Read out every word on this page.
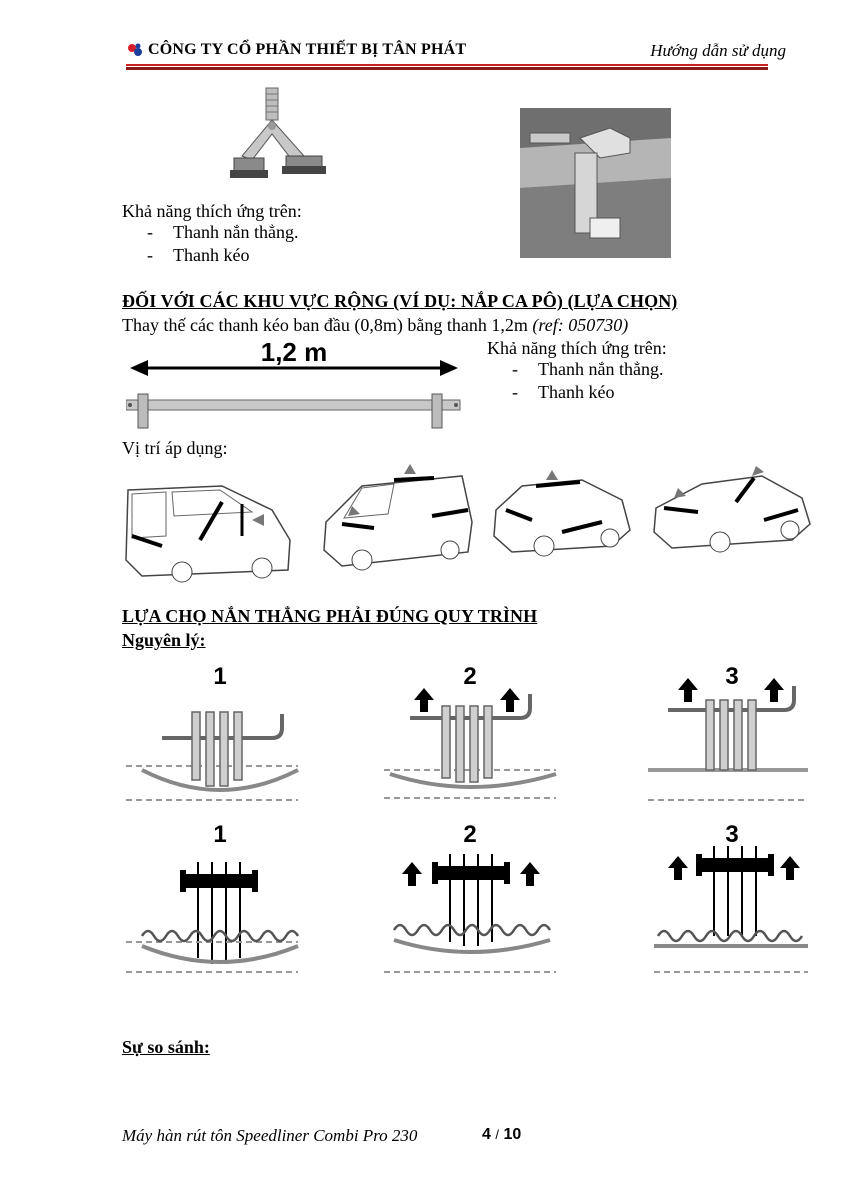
CÔNG TY CỔ PHẦN THIẾT BỊ TÂN PHÁT	Hướng dẫn sử dụng
Khả năng thích ứng trên:
- Thanh nắn thẳng.
- Thanh kéo
ĐỐI VỚI CÁC KHU VỰC RỘNG (VÍ DỤ: NẮP CA PÔ) (LỰA CHỌN)
Thay thế các thanh kéo ban đầu (0,8m) bằng thanh 1,2m (ref: 050730)
1,2 m	Khả năng thích ứng trên:
- Thanh nắn thẳng.
- Thanh kéo
Vị trí áp dụng:
LỰA CHỌ NẮN THẲNG PHẢI ĐÚNG QUY TRÌNH
Nguyên lý:
1	2	3
1	2	3
Sự so sánh:
Máy hàn rút tôn Speedliner Combi Pro 230	4 / 10
